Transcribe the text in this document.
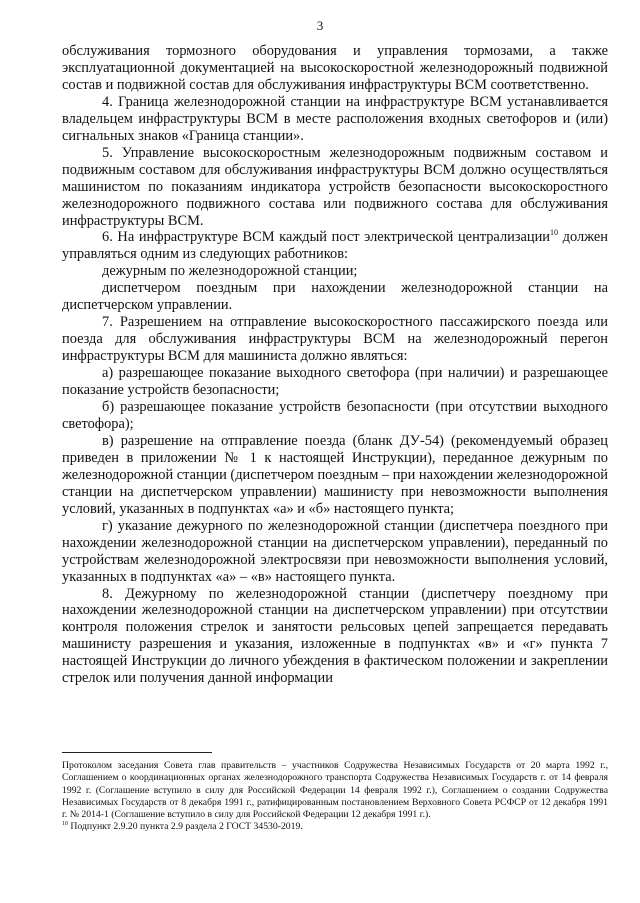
3

обслуживания тормозного оборудования и управления тормозами, а также эксплуатационной документацией на высокоскоростной железнодорожный подвижной состав и подвижной состав для обслуживания инфраструктуры ВСМ соответственно.

4. Граница железнодорожной станции на инфраструктуре ВСМ устанавливается владельцем инфраструктуры ВСМ в месте расположения входных светофоров и (или) сигнальных знаков «Граница станции».

5. Управление высокоскоростным железнодорожным подвижным составом и подвижным составом для обслуживания инфраструктуры ВСМ должно осуществляться машинистом по показаниям индикатора устройств безопасности высокоскоростного железнодорожного подвижного состава или подвижного состава для обслуживания инфраструктуры ВСМ.

6. На инфраструктуре ВСМ каждый пост электрической централизации$^{10}$ должен управляться одним из следующих работников:

дежурным по железнодорожной станции;

диспетчером поездным при нахождении железнодорожной станции на диспетчерском управлении.

7. Разрешением на отправление высокоскоростного пассажирского поезда или поезда для обслуживания инфраструктуры ВСМ на железнодорожный перегон инфраструктуры ВСМ для машиниста должно являться:

а) разрешающее показание выходного светофора (при наличии) и разрешающее показание устройств безопасности;

б) разрешающее показание устройств безопасности (при отсутствии выходного светофора);

в) разрешение на отправление поезда (бланк ДУ-54) (рекомендуемый образец приведен в приложении № 1 к настоящей Инструкции), переданное дежурным по железнодорожной станции (диспетчером поездным – при нахождении железнодорожной станции на диспетчерском управлении) машинисту при невозможности выполнения условий, указанных в подпунктах «а» и «б» настоящего пункта;

г) указание дежурного по железнодорожной станции (диспетчера поездного при нахождении железнодорожной станции на диспетчерском управлении), переданный по устройствам железнодорожной электросвязи при невозможности выполнения условий, указанных в подпунктах «а» – «в» настоящего пункта.

8. Дежурному по железнодорожной станции (диспетчеру поездному при нахождении железнодорожной станции на диспетчерском управлении) при отсутствии контроля положения стрелок и занятости рельсовых цепей запрещается передавать машинисту разрешения и указания, изложенные в подпунктах «в» и «г» пункта 7 настоящей Инструкции до личного убеждения в фактическом положении и закреплении стрелок или получения данной информации

Протоколом заседания Совета глав правительств – участников Содружества Независимых Государств от 20 марта 1992 г., Соглашением о координационных органах железнодорожного транспорта Содружества Независимых Государств г. от 14 февраля 1992 г. (Соглашение вступило в силу для Российской Федерации 14 февраля 1992 г.), Соглашением о создании Содружества Независимых Государств от 8 декабря 1991 г., ратифицированным постановлением Верховного Совета РСФСР от 12 декабря 1991 г. № 2014-1 (Соглашение вступило в силу для Российской Федерации 12 декабря 1991 г.).

$^{10}$ Подпункт 2.9.20 пункта 2.9 раздела 2 ГОСТ 34530-2019.
